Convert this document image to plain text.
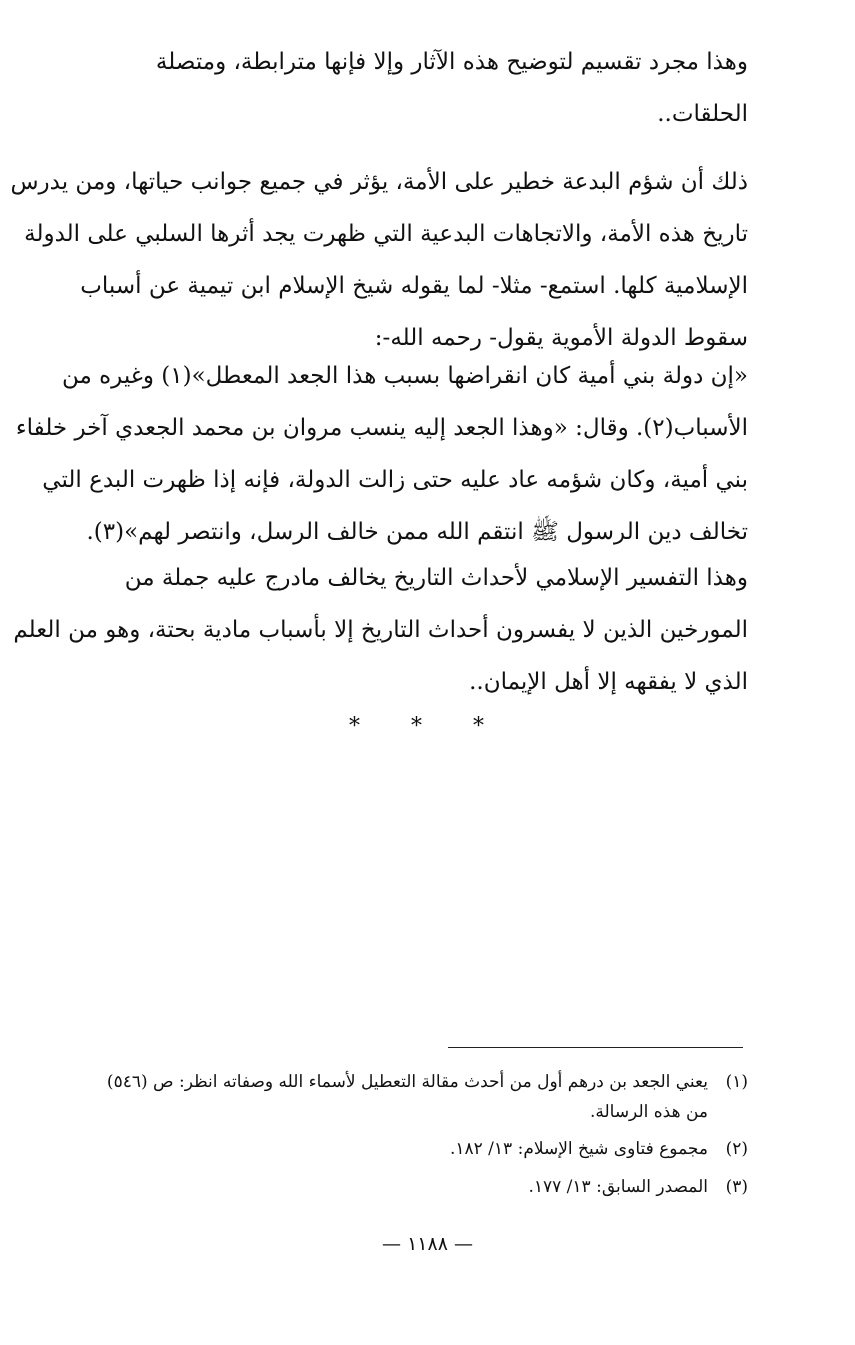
وهذا مجرد تقسيم لتوضيح هذه الآثار وإلا فإنها مترابطة، ومتصلة
الحلقات..

ذلك أن شؤم البدعة خطير على الأمة، يؤثر في جميع جوانب حياتها، ومن يدرس
تاريخ هذه الأمة، والاتجاهات البدعية التي ظهرت يجد أثرها السلبي على الدولة
الإسلامية كلها. استمع- مثلا- لما يقوله شيخ الإسلام ابن تيمية عن أسباب
سقوط الدولة الأموية يقول- رحمه الله-:

«إن دولة بني أمية كان انقراضها بسبب هذا الجعد المعطل»(١) وغيره من
الأسباب(٢). وقال: «وهذا الجعد إليه ينسب مروان بن محمد الجعدي آخر خلفاء
بني أمية، وكان شؤمه عاد عليه حتى زالت الدولة، فإنه إذا ظهرت البدع التي
تخالف دين الرسول ﷺ انتقم الله ممن خالف الرسل، وانتصر لهم»(٣).

وهذا التفسير الإسلامي لأحداث التاريخ يخالف مادرج عليه جملة من
المورخين الذين لا يفسرون أحداث التاريخ إلا بأسباب مادية بحتة، وهو من العلم
الذي لا يفقهه إلا أهل الإيمان..

* * *
(١)يعني الجعد بن درهم أول من أحدث مقالة التعطيل لأسماء الله وصفاته انظر: ص (٥٤٦)
من هذه الرسالة.
(٢)مجموع فتاوى شيخ الإسلام: ١٣/ ١٨٢.
(٣)المصدر السابق: ١٣/ ١٧٧.
— ١١٨٨ —
